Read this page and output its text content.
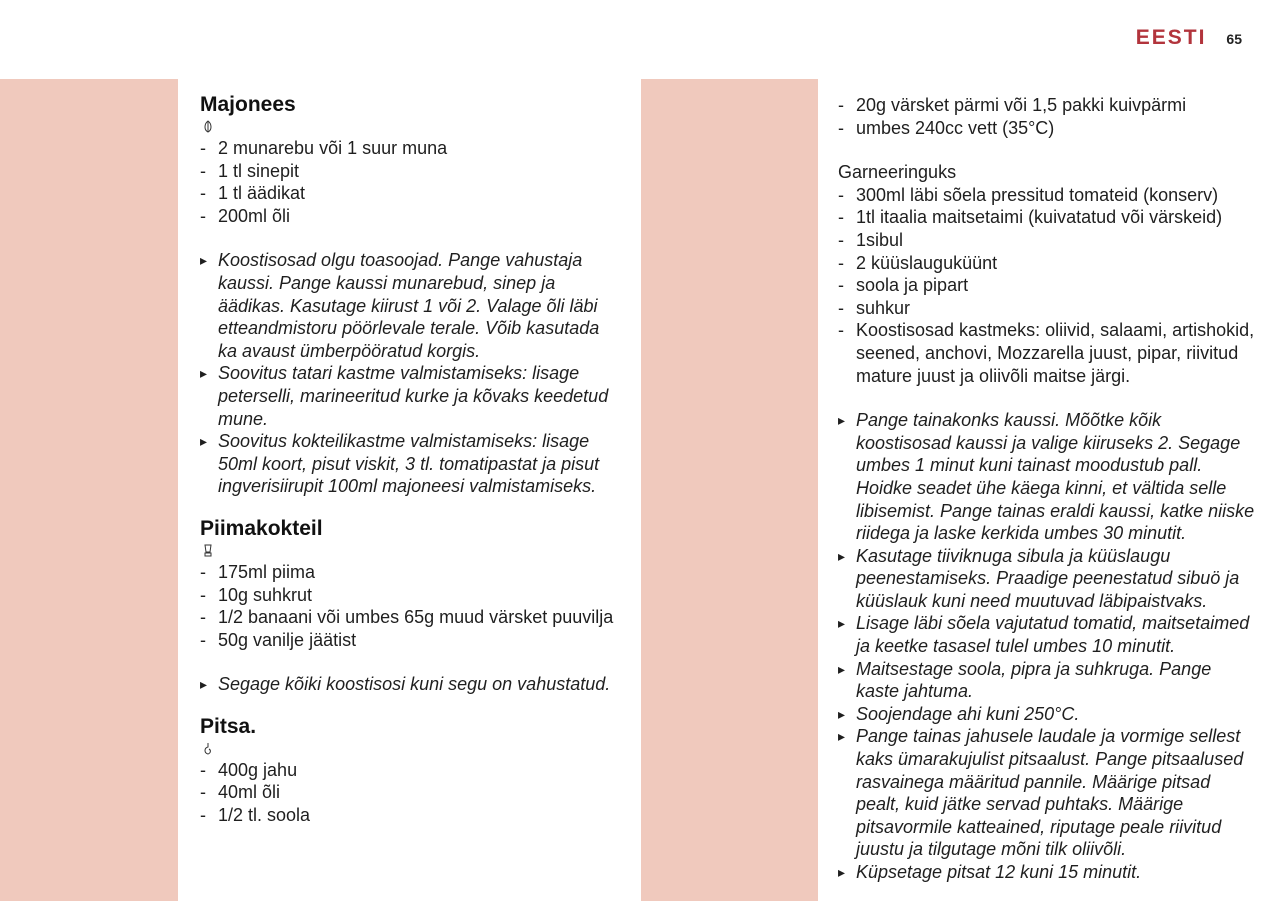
EESTI 65
Majonees
- 2 munarebu või 1 suur muna
- 1 tl sinepit
- 1 tl äädikat
- 200ml õli
▸ Koostisosad olgu toasoojad. Pange vahustaja kaussi. Pange kaussi munarebud, sinep ja äädikas. Kasutage kiirust 1 või 2. Valage õli läbi etteandmistoru pöörlevale terale. Võib kasutada ka avaust ümberpööratud korgis.
▸ Soovitus tatari kastme valmistamiseks: lisage peterselli, marineeritud kurke ja kõvaks keedetud mune.
▸ Soovitus kokteilikastme valmistamiseks: lisage 50ml koort, pisut viskit, 3 tl. tomatipastat ja pisut ingverisiirupit 100ml majoneesi valmistamiseks.
Piimakokteil
- 175ml piima
- 10g suhkrut
- 1/2 banaani või umbes 65g muud värsket puuvilja
- 50g vanilje jäätist
▸ Segage kõiki koostisosi kuni segu on vahustatud.
Pitsa.
- 400g jahu
- 40ml õli
- 1/2 tl. soola
- 20g värsket pärmi või 1,5 pakki kuivpärmi
- umbes 240cc vett (35°C)

Garneeringuks

- 300ml läbi sõela pressitud tomateid (konserv)
- 1tl itaalia maitsetaimi (kuivatatud või värskeid)
- 1sibul
- 2 küüslauguküünt
- soola ja pipart
- suhkur
- Koostisosad kastmeks: oliivid, salaami, artishokid, seened, anchovi, Mozzarella juust, pipar, riivitud mature juust ja oliivõli maitse järgi.
▸ Pange tainakonks kaussi. Mõõtke kõik koostisosad kaussi ja valige kiiruseks 2. Segage umbes 1 minut kuni tainast moodustub pall. Hoidke seadet ühe käega kinni, et vältida selle libisemist. Pange tainas eraldi kaussi, katke niiske riidega ja laske kerkida umbes 30 minutit.
▸ Kasutage tiiviknuga sibula ja küüslaugu peenestamiseks. Praadige peenestatud sibuö ja küüslauk kuni need muutuvad läbipaistvaks.
▸ Lisage läbi sõela vajutatud tomatid, maitsetaimed ja keetke tasasel tulel umbes 10 minutit.
▸ Maitsestage soola, pipra ja suhkruga. Pange kaste jahtuma.
▸ Soojendage ahi kuni 250°C.
▸ Pange tainas jahusele laudale ja vormige sellest kaks ümarakujulist pitsaalust. Pange pitsaalused rasvainega määritud pannile. Määrige pitsad pealt, kuid jätke servad puhtaks. Määrige pitsavormile katteained, riputage peale riivitud juustu ja tilgutage mõni tilk oliivõli.
▸ Küpsetage pitsat 12 kuni 15 minutit.
